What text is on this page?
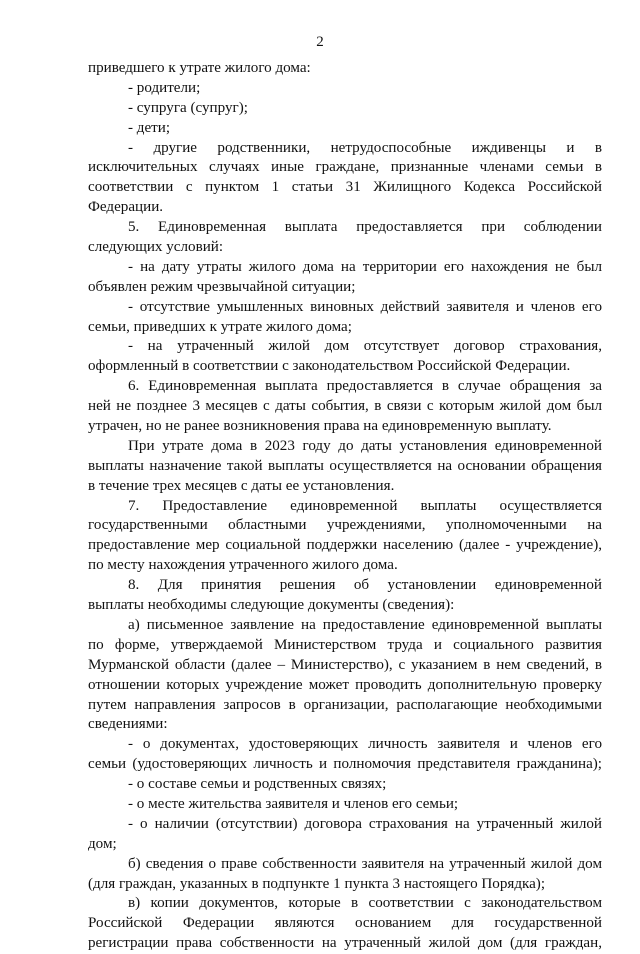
2
приведшего к утрате жилого дома:
- родители;
- супруга (супруг);
- дети;
- другие родственники, нетрудоспособные иждивенцы и в
исключительных случаях иные граждане, признанные членами семьи в
соответствии с пунктом 1 статьи 31 Жилищного Кодекса Российской
Федерации.
5. Единовременная выплата предоставляется при соблюдении
следующих условий:
- на дату утраты жилого дома на территории его нахождения не был
объявлен режим чрезвычайной ситуации;
- отсутствие умышленных виновных действий заявителя и членов его
семьи, приведших к утрате жилого дома;
- на утраченный жилой дом отсутствует договор страхования,
оформленный в соответствии с законодательством Российской Федерации.
6. Единовременная выплата предоставляется в случае обращения за
ней не позднее 3 месяцев с даты события, в связи с которым жилой дом был
утрачен, но не ранее возникновения права на единовременную выплату.
При утрате дома в 2023 году до даты установления единовременной
выплаты назначение такой выплаты осуществляется на основании обращения
в течение трех месяцев с даты ее установления.
7. Предоставление единовременной выплаты осуществляется
государственными областными учреждениями, уполномоченными на
предоставление мер социальной поддержки населению (далее - учреждение),
по месту нахождения утраченного жилого дома.
8. Для принятия решения об установлении единовременной
выплаты необходимы следующие документы (сведения):
а) письменное заявление на предоставление единовременной выплаты
по форме, утверждаемой Министерством труда и социального развития
Мурманской области (далее – Министерство), с указанием в нем сведений, в
отношении которых учреждение может проводить дополнительную проверку
путем направления запросов в организации, располагающие необходимыми
сведениями:
- о документах, удостоверяющих личность заявителя и членов его
семьи (удостоверяющих личность и полномочия представителя гражданина);
- о составе семьи и родственных связях;
- о месте жительства заявителя и членов его семьи;
- о наличии (отсутствии) договора страхования на утраченный жилой
дом;
б) сведения о праве собственности заявителя на утраченный жилой дом
(для граждан, указанных в подпункте 1 пункта 3 настоящего Порядка);
в) копии документов, которые в соответствии с законодательством
Российской Федерации являются основанием для государственной
регистрации права собственности на утраченный жилой дом (для граждан,
